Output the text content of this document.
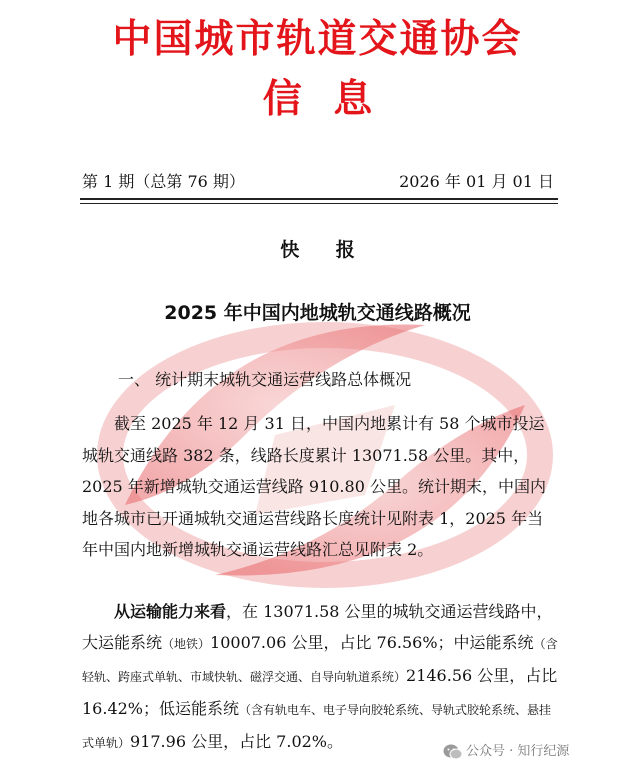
中国城市轨道交通协会
信 息
第 1 期（总第 76 期）	2026 年 01 月 01 日
快 报
2025 年中国内地城轨交通线路概况
一、 统计期末城轨交通运营线路总体概况
截至 2025 年 12 月 31 日，中国内地累计有 58 个城市投运城轨交通线路 382 条，线路长度累计 13071.58 公里。其中，2025 年新增城轨交通运营线路 910.80 公里。统计期末，中国内地各城市已开通城轨交通运营线路长度统计见附表 1，2025 年当年中国内地新增城轨交通运营线路汇总见附表 2。
从运输能力来看，在 13071.58 公里的城轨交通运营线路中，大运能系统（地铁）10007.06 公里，占比 76.56%；中运能系统（含轻轨、跨座式单轨、市域快轨、磁浮交通、自导向轨道系统）2146.56 公里，占比 16.42%；低运能系统（含有轨电车、电子导向胶轮系统、导轨式胶轮系统、悬挂式单轨）917.96 公里，占比 7.02%。
公众号 · 知行纪源
